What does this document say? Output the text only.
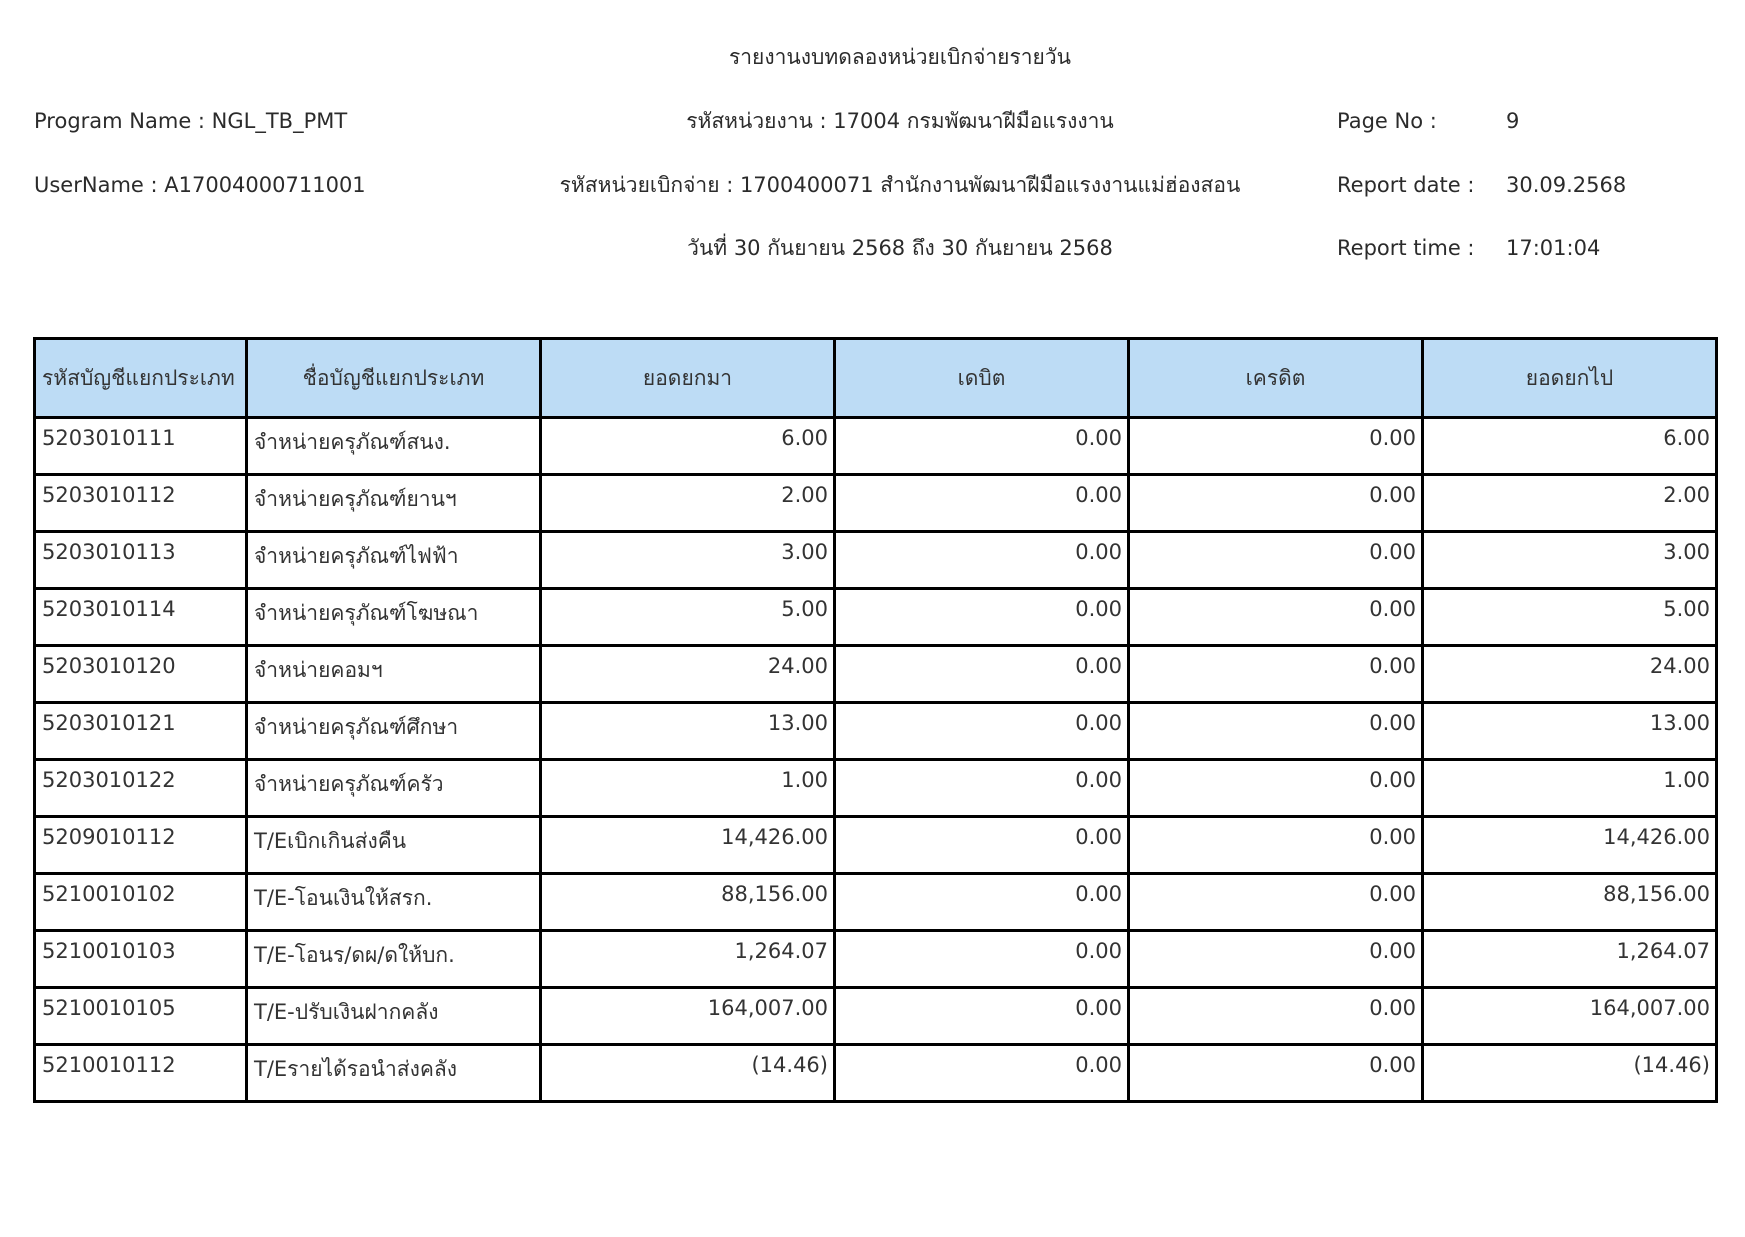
รายงานงบทดลองหน่วยเบิกจ่ายรายวัน
Program Name : NGL_TB_PMT	รหัสหน่วยงาน : 17004 กรมพัฒนาฝีมือแรงงาน	Page No :	9
UserName : A17004000711001	รหัสหน่วยเบิกจ่าย : 1700400071 สำนักงานพัฒนาฝีมือแรงงานแม่ฮ่องสอน	Report date : 30.09.2568
วันที่ 30 กันยายน 2568 ถึง 30 กันยายน 2568	Report time : 17:01:04
รหัสบัญชีแยกประเภท	ชื่อบัญชีแยกประเภท	ยอดยกมา	เดบิต	เครดิต	ยอดยกไป
5203010111	จำหน่ายครุภัณฑ์สนง.	6.00	0.00	0.00	6.00
5203010112	จำหน่ายครุภัณฑ์ยานฯ	2.00	0.00	0.00	2.00
5203010113	จำหน่ายครุภัณฑ์ไฟฟ้า	3.00	0.00	0.00	3.00
5203010114	จำหน่ายครุภัณฑ์โฆษณา	5.00	0.00	0.00	5.00
5203010120	จำหน่ายคอมฯ	24.00	0.00	0.00	24.00
5203010121	จำหน่ายครุภัณฑ์ศึกษา	13.00	0.00	0.00	13.00
5203010122	จำหน่ายครุภัณฑ์ครัว	1.00	0.00	0.00	1.00
5209010112	T/Eเบิกเกินส่งคืน	14,426.00	0.00	0.00	14,426.00
5210010102	T/E-โอนเงินให้สรก.	88,156.00	0.00	0.00	88,156.00
5210010103	T/E-โอนร/ดผ/ดให้บก.	1,264.07	0.00	0.00	1,264.07
5210010105	T/E-ปรับเงินฝากคลัง	164,007.00	0.00	0.00	164,007.00
5210010112	T/Eรายได้รอนำส่งคลัง	(14.46)	0.00	0.00	(14.46)
